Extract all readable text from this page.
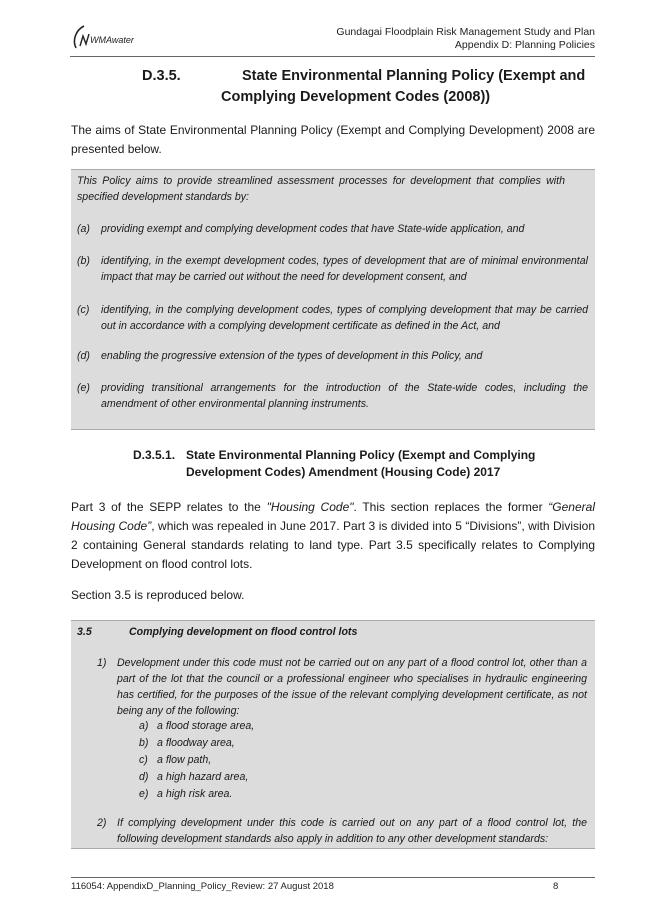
WMAwater
Gundagai Floodplain Risk Management Study and Plan
Appendix D: Planning Policies
D.3.5.	State Environmental Planning Policy (Exempt and
Complying Development Codes (2008))
The aims of State Environmental Planning Policy (Exempt and Complying Development) 2008 are presented below.
This Policy aims to provide streamlined assessment processes for development that complies with specified development standards by:
(a) providing exempt and complying development codes that have State-wide application, and
(b) identifying, in the exempt development codes, types of development that are of minimal environmental impact that may be carried out without the need for development consent, and
(c) identifying, in the complying development codes, types of complying development that may be carried out in accordance with a complying development certificate as defined in the Act, and
(d) enabling the progressive extension of the types of development in this Policy, and
(e) providing transitional arrangements for the introduction of the State-wide codes, including the amendment of other environmental planning instruments.
D.3.5.1. State Environmental Planning Policy (Exempt and Complying
Development Codes) Amendment (Housing Code) 2017
Part 3 of the SEPP relates to the "Housing Code". This section replaces the former “General Housing Code”, which was repealed in June 2017. Part 3 is divided into 5 “Divisions”, with Division 2 containing General standards relating to land type. Part 3.5 specifically relates to Complying Development on flood control lots.
Section 3.5 is reproduced below.
3.5	Complying development on flood control lots
1) Development under this code must not be carried out on any part of a flood control lot, other than a part of the lot that the council or a professional engineer who specialises in hydraulic engineering has certified, for the purposes of the issue of the relevant complying development certificate, as not being any of the following:
a) a flood storage area,
b) a floodway area,
c) a flow path,
d) a high hazard area,
e) a high risk area.
2) If complying development under this code is carried out on any part of a flood control lot, the following development standards also apply in addition to any other development standards:
116054: AppendixD_Planning_Policy_Review: 27 August 2018	8
